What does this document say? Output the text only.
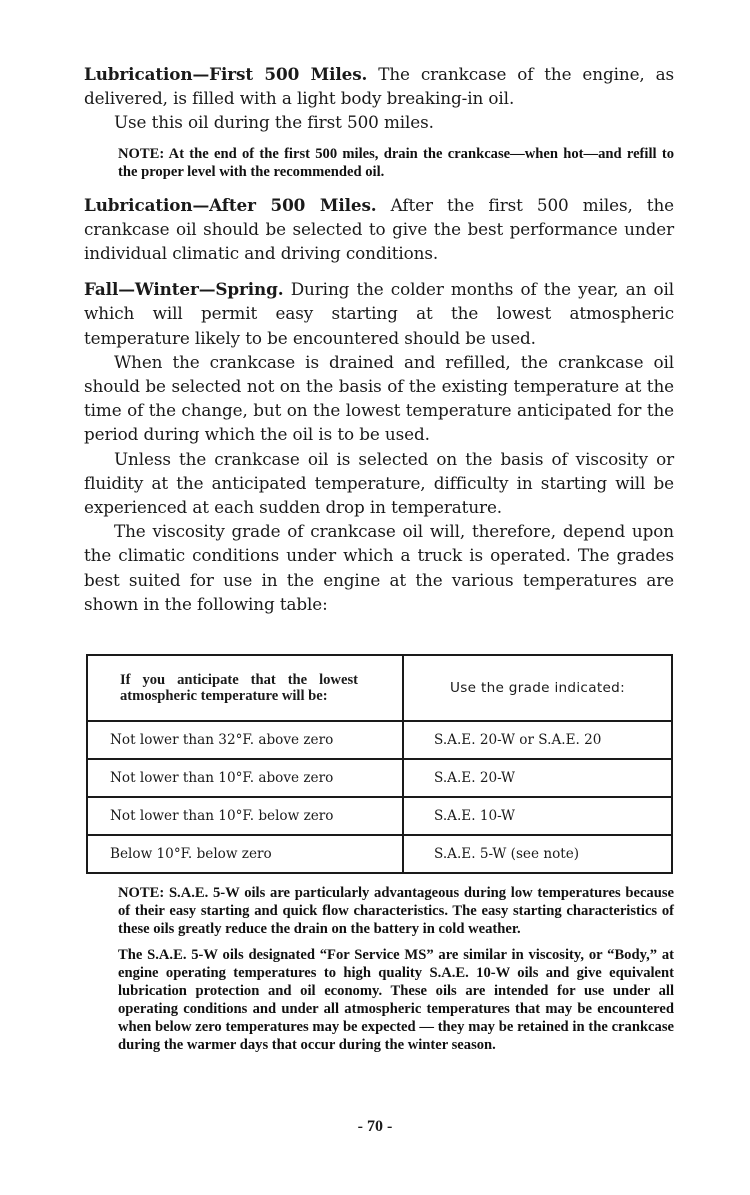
Lubrication—First 500 Miles. The crankcase of the engine, as delivered, is filled with a light body breaking-in oil.

Use this oil during the first 500 miles.

NOTE: At the end of the first 500 miles, drain the crankcase—when hot—and refill to the proper level with the recommended oil.

Lubrication—After 500 Miles. After the first 500 miles, the crankcase oil should be selected to give the best performance under individual climatic and driving conditions.

Fall—Winter—Spring. During the colder months of the year, an oil which will permit easy starting at the lowest atmospheric temperature likely to be encountered should be used.

When the crankcase is drained and refilled, the crankcase oil should be selected not on the basis of the existing temperature at the time of the change, but on the lowest temperature anticipated for the period during which the oil is to be used.

Unless the crankcase oil is selected on the basis of viscosity or fluidity at the anticipated temperature, difficulty in starting will be experienced at each sudden drop in temperature.

The viscosity grade of crankcase oil will, therefore, depend upon the climatic conditions under which a truck is operated. The grades best suited for use in the engine at the various temperatures are shown in the following table:

If you anticipate that the lowest atmospheric temperature will be:	Use the grade indicated:
Not lower than 32°F. above zero	S.A.E. 20-W or S.A.E. 20
Not lower than 10°F. above zero	S.A.E. 20-W
Not lower than 10°F. below zero	S.A.E. 10-W
Below 10°F. below zero	S.A.E. 5-W (see note)

NOTE: S.A.E. 5-W oils are particularly advantageous during low temperatures because of their easy starting and quick flow characteristics. The easy starting characteristics of these oils greatly reduce the drain on the battery in cold weather.

The S.A.E. 5-W oils designated “For Service MS” are similar in viscosity, or “Body,” at engine operating temperatures to high quality S.A.E. 10-W oils and give equivalent lubrication protection and oil economy. These oils are intended for use under all operating conditions and under all atmospheric temperatures that may be encountered when below zero temperatures may be expected — they may be retained in the crankcase during the warmer days that occur during the winter season.

- 70 -
